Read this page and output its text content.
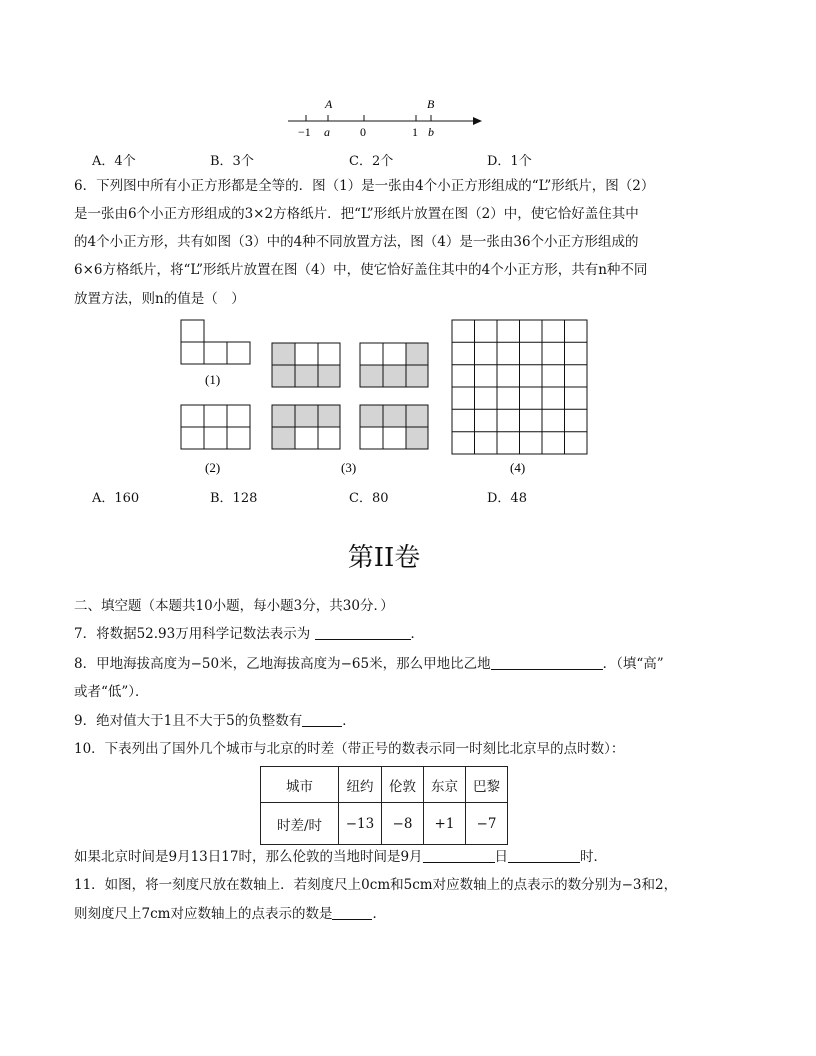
A	B
−1 a	0	1 b
A．4个	B．3个	C．2个	D．1个
6．下列图中所有小正方形都是全等的．图（1）是一张由4个小正方形组成的“L”形纸片，图（2）
是一张由6个小正方形组成的3×2方格纸片．把“L”形纸片放置在图（2）中，使它恰好盖住其中
的4个小正方形，共有如图（3）中的4种不同放置方法，图（4）是一张由36个小正方形组成的
6×6方格纸片，将“L”形纸片放置在图（4）中，使它恰好盖住其中的4个小正方形，共有n种不同
放置方法，则n的值是（　）
(1)
(2)	(3)	(4)
A．160	B．128	C．80	D．48
第II卷
二、填空题（本题共10小题，每小题3分，共30分．）
7．将数据52.93万用科学记数法表示为	．
8．甲地海拔高度为−50米，乙地海拔高度为−65米，那么甲地比乙地	．（填“高”
或者“低”）．
9．绝对值大于1且不大于5的负整数有	．
10．下表列出了国外几个城市与北京的时差（带正号的数表示同一时刻比北京早的点时数）：
城市	纽约	伦敦	东京	巴黎
时差/时	−13	−8	+1	−7
如果北京时间是9月13日17时，那么伦敦的当地时间是9月	日	时．
11．如图，将一刻度尺放在数轴上．若刻度尺上0cm和5cm对应数轴上的点表示的数分别为−3和2，
则刻度尺上7cm对应数轴上的点表示的数是	．
